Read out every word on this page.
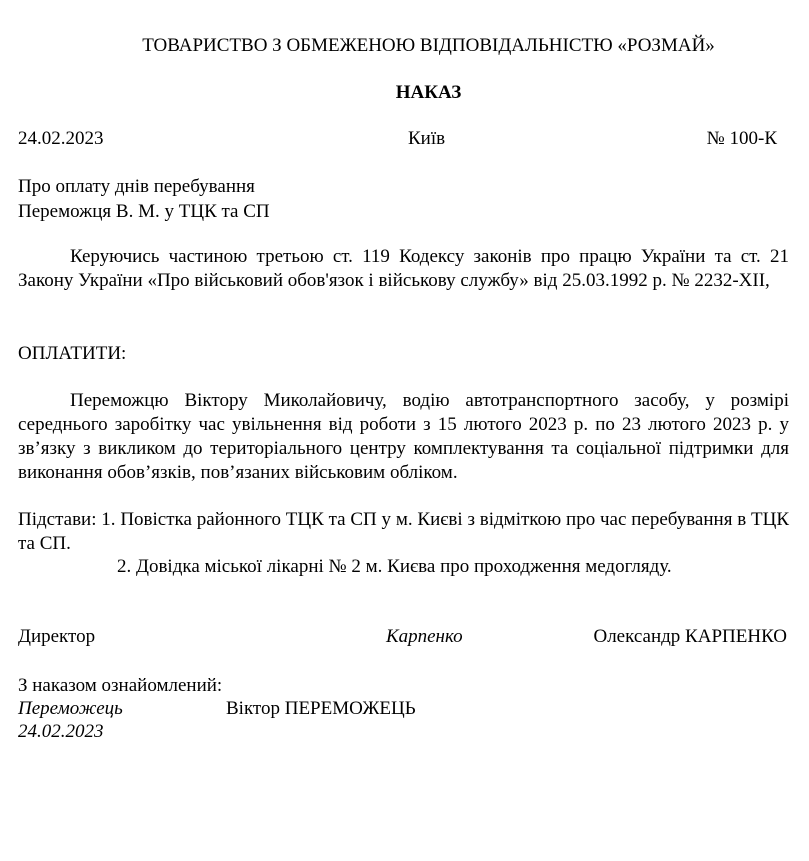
ТОВАРИСТВО З ОБМЕЖЕНОЮ ВІДПОВІДАЛЬНІСТЮ «РОЗМАЙ»
НАКАЗ
24.02.2023	Київ	№ 100-К
Про оплату днів перебування
Переможця В. М. у ТЦК та СП
Керуючись частиною третьою ст. 119 Кодексу законів про працю України та ст. 21 Закону України «Про військовий обов'язок і військову службу» від 25.03.1992 р. № 2232-XII,
ОПЛАТИТИ:
Переможцю Віктору Миколайовичу, водію автотранспортного засобу, у розмірі середнього заробітку час увільнення від роботи з 15 лютого 2023 р. по 23 лютого 2023 р. у зв’язку з викликом до територіального центру комплектування та соціальної підтримки для виконання обов’язків, пов’язаних військовим обліком.
Підстави: 1. Повістка районного ТЦК та СП у м. Києві з відміткою про час перебування в ТЦК та СП.
2. Довідка міської лікарні № 2 м. Києва про проходження медогляду.
Директор	Карпенко	Олександр КАРПЕНКО
З наказом ознайомлений:
Переможець	Віктор ПЕРЕМОЖЕЦЬ
24.02.2023
